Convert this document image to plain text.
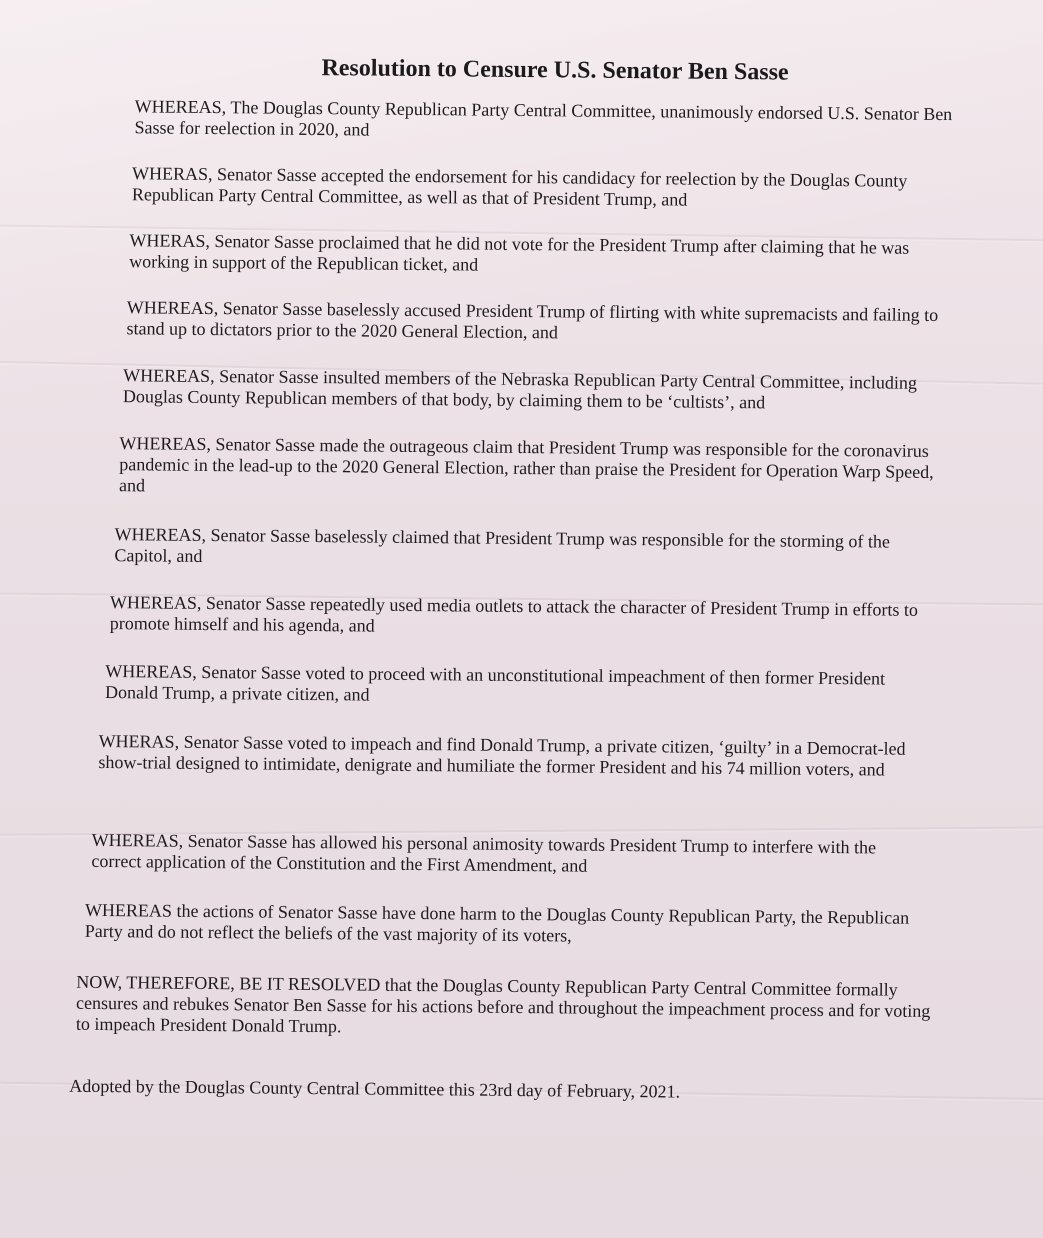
Resolution to Censure U.S. Senator Ben Sasse

WHEREAS, The Douglas County Republican Party Central Committee, unanimously endorsed U.S. Senator Ben Sasse for reelection in 2020, and

WHERAS, Senator Sasse accepted the endorsement for his candidacy for reelection by the Douglas County Republican Party Central Committee, as well as that of President Trump, and

WHERAS, Senator Sasse proclaimed that he did not vote for the President Trump after claiming that he was working in support of the Republican ticket, and

WHEREAS, Senator Sasse baselessly accused President Trump of flirting with white supremacists and failing to stand up to dictators prior to the 2020 General Election, and

WHEREAS, Senator Sasse insulted members of the Nebraska Republican Party Central Committee, including Douglas County Republican members of that body, by claiming them to be ‘cultists’, and

WHEREAS, Senator Sasse made the outrageous claim that President Trump was responsible for the coronavirus pandemic in the lead-up to the 2020 General Election, rather than praise the President for Operation Warp Speed, and

WHEREAS, Senator Sasse baselessly claimed that President Trump was responsible for the storming of the Capitol, and

WHEREAS, Senator Sasse repeatedly used media outlets to attack the character of President Trump in efforts to promote himself and his agenda, and

WHEREAS, Senator Sasse voted to proceed with an unconstitutional impeachment of then former President Donald Trump, a private citizen, and

WHERAS, Senator Sasse voted to impeach and find Donald Trump, a private citizen, ‘guilty’ in a Democrat-led show-trial designed to intimidate, denigrate and humiliate the former President and his 74 million voters, and

WHEREAS, Senator Sasse has allowed his personal animosity towards President Trump to interfere with the correct application of the Constitution and the First Amendment, and

WHEREAS the actions of Senator Sasse have done harm to the Douglas County Republican Party, the Republican Party and do not reflect the beliefs of the vast majority of its voters,

NOW, THEREFORE, BE IT RESOLVED that the Douglas County Republican Party Central Committee formally censures and rebukes Senator Ben Sasse for his actions before and throughout the impeachment process and for voting to impeach President Donald Trump.

Adopted by the Douglas County Central Committee this 23rd day of February, 2021.
